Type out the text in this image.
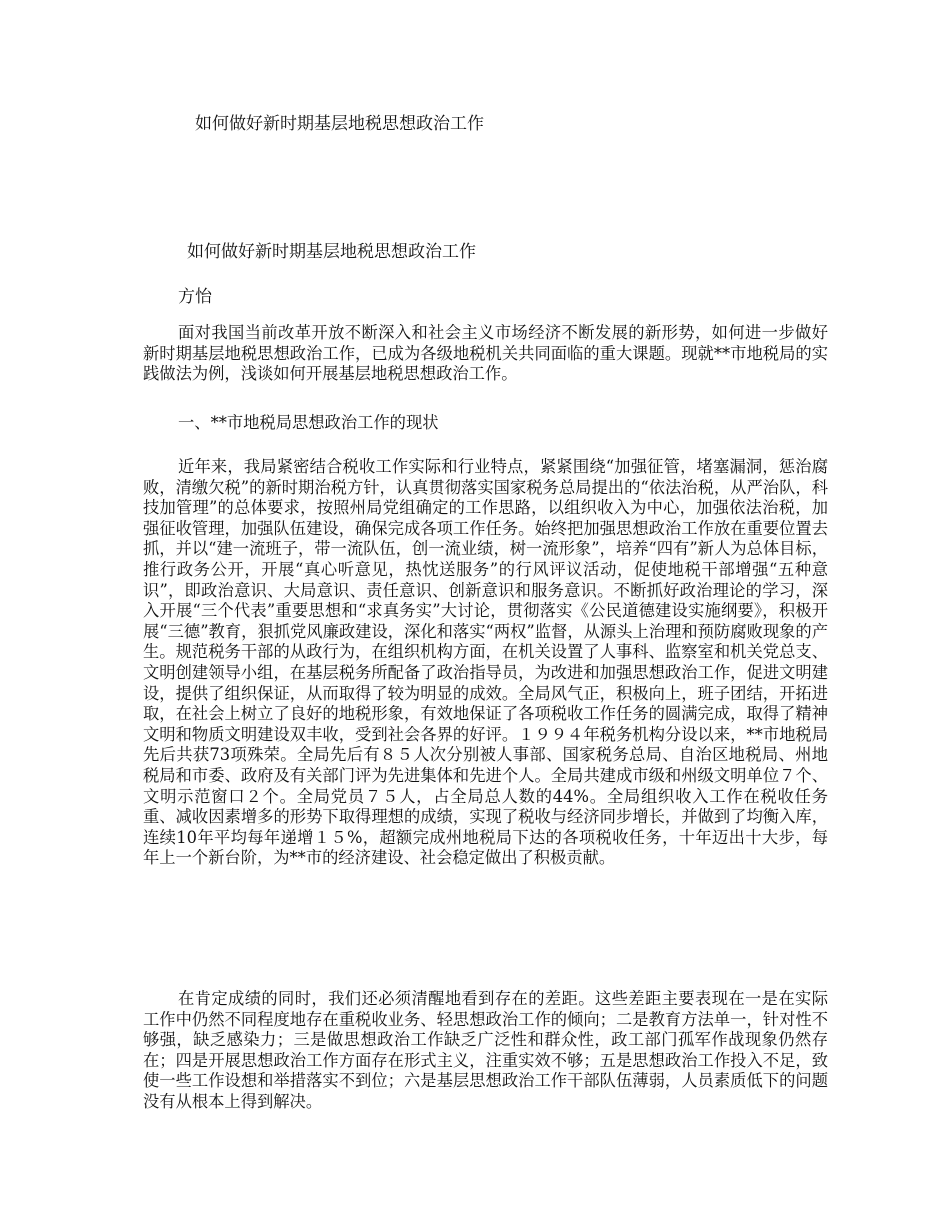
如何做好新时期基层地税思想政治工作
如何做好新时期基层地税思想政治工作
方怡

面对我国当前改革开放不断深入和社会主义市场经济不断发展的新形势，如何进一步做好新时期基层地税思想政治工作，已成为各级地税机关共同面临的重大课题。现就**市地税局的实践做法为例，浅谈如何开展基层地税思想政治工作。

一、**市地税局思想政治工作的现状

近年来，我局紧密结合税收工作实际和行业特点，紧紧围绕“加强征管，堵塞漏洞，惩治腐败，清缴欠税”的新时期治税方针，认真贯彻落实国家税务总局提出的“依法治税，从严治队，科技加管理”的总体要求，按照州局党组确定的工作思路，以组织收入为中心，加强依法治税，加强征收管理，加强队伍建设，确保完成各项工作任务。始终把加强思想政治工作放在重要位置去抓，并以“建一流班子，带一流队伍，创一流业绩，树一流形象”，培养“四有”新人为总体目标，推行政务公开，开展“真心听意见，热忱送服务”的行风评议活动，促使地税干部增强“五种意识”，即政治意识、大局意识、责任意识、创新意识和服务意识。不断抓好政治理论的学习，深入开展“三个代表”重要思想和“求真务实”大讨论，贯彻落实《公民道德建设实施纲要》，积极开展“三德”教育，狠抓党风廉政建设，深化和落实“两权”监督，从源头上治理和预防腐败现象的产生。规范税务干部的从政行为，在组织机构方面，在机关设置了人事科、监察室和机关党总支、文明创建领导小组，在基层税务所配备了政治指导员，为改进和加强思想政治工作，促进文明建设，提供了组织保证，从而取得了较为明显的成效。全局风气正，积极向上，班子团结，开拓进取，在社会上树立了良好的地税形象，有效地保证了各项税收工作任务的圆满完成，取得了精神文明和物质文明建设双丰收，受到社会各界的好评。１９９４年税务机构分设以来，**市地税局先后共获73项殊荣。全局先后有８５人次分别被人事部、国家税务总局、自治区地税局、州地税局和市委、政府及有关部门评为先进集体和先进个人。全局共建成市级和州级文明单位７个、文明示范窗口２个。全局党员７５人，占全局总人数的44%。全局组织收入工作在税收任务重、减收因素增多的形势下取得理想的成绩，实现了税收与经济同步增长，并做到了均衡入库，连续10年平均每年递增１５%，超额完成州地税局下达的各项税收任务，十年迈出十大步，每年上一个新台阶，为**市的经济建设、社会稳定做出了积极贡献。

在肯定成绩的同时，我们还必须清醒地看到存在的差距。这些差距主要表现在一是在实际工作中仍然不同程度地存在重税收业务、轻思想政治工作的倾向；二是教育方法单一，针对性不够强，缺乏感染力；三是做思想政治工作缺乏广泛性和群众性，政工部门孤军作战现象仍然存在；四是开展思想政治工作方面存在形式主义，注重实效不够；五是思想政治工作投入不足，致使一些工作设想和举措落实不到位；六是基层思想政治工作干部队伍薄弱，人员素质低下的问题没有从根本上得到解决。
